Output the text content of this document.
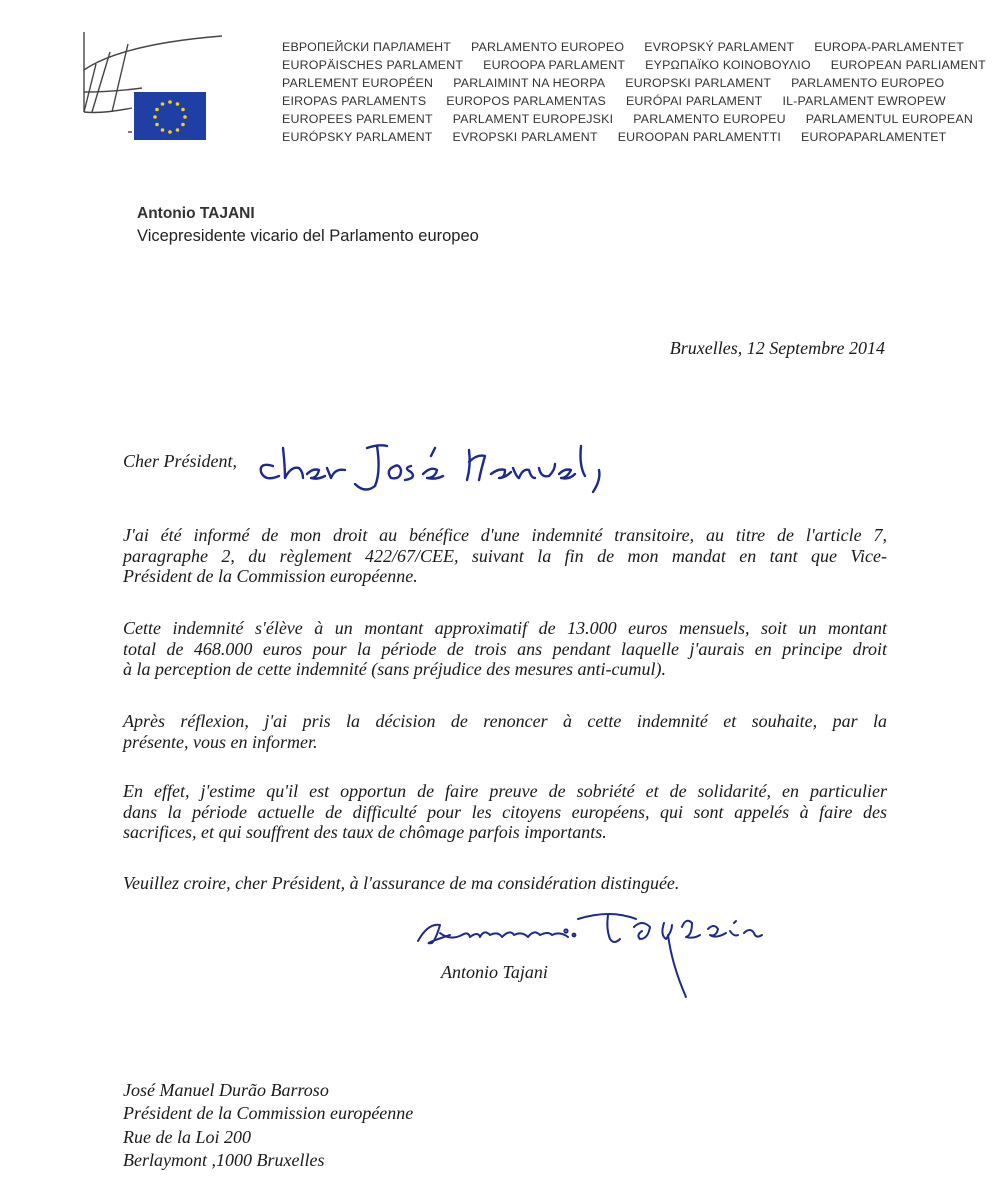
ЕВРОПЕЙСКИ ПАРЛАМЕНТ PARLAMENTO EUROPEO EVROPSKÝ PARLAMENT EUROPA-PARLAMENTET
EUROPÄISCHES PARLAMENT EUROOPA PARLAMENT ΕΥΡΩΠΑΪΚΟ ΚΟΙΝΟΒΟΥΛΙΟ EUROPEAN PARLIAMENT
PARLEMENT EUROPÉEN PARLAIMINT NA HEORPA EUROPSKI PARLAMENT PARLAMENTO EUROPEO
EIROPAS PARLAMENTS EUROPOS PARLAMENTAS EURÓPAI PARLAMENT IL-PARLAMENT EWROPEW
EUROPEES PARLEMENT PARLAMENT EUROPEJSKI PARLAMENTO EUROPEU PARLAMENTUL EUROPEAN
EURÓPSKY PARLAMENT EVROPSKI PARLAMENT EUROOPAN PARLAMENTTI EUROPAPARLAMENTET
Antonio TAJANI
Vicepresidente vicario del Parlamento europeo
Bruxelles, 12 Septembre 2014
Cher Président,
cher José Manuel,
J'ai été informé de mon droit au bénéfice d'une indemnité transitoire, au titre de l'article 7,
paragraphe 2, du règlement 422/67/CEE, suivant la fin de mon mandat en tant que Vice-
Président de la Commission européenne.
Cette indemnité s'élève à un montant approximatif de 13.000 euros mensuels, soit un montant
total de 468.000 euros pour la période de trois ans pendant laquelle j'aurais en principe droit
à la perception de cette indemnité (sans préjudice des mesures anti-cumul).
Après réflexion, j'ai pris la décision de renoncer à cette indemnité et souhaite, par la
présente, vous en informer.
En effet, j'estime qu'il est opportun de faire preuve de sobriété et de solidarité, en particulier
dans la période actuelle de difficulté pour les citoyens européens, qui sont appelés à faire des
sacrifices, et qui souffrent des taux de chômage parfois importants.
Veuillez croire, cher Président, à l'assurance de ma considération distinguée.
Antonio Tajani
Antonio Tajani
José Manuel Durão Barroso
Président de la Commission européenne
Rue de la Loi 200
Berlaymont ,1000 Bruxelles
